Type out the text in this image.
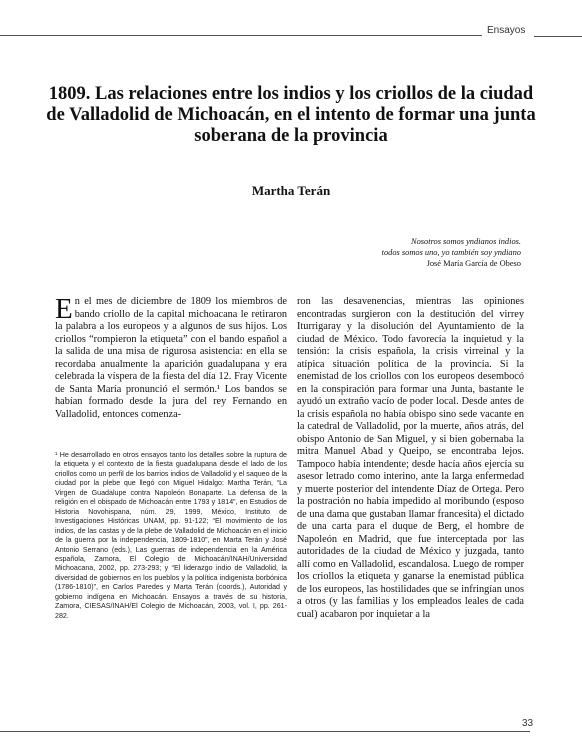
Ensayos
1809. Las relaciones entre los indios y los criollos de la ciudad de Valladolid de Michoacán, en el intento de formar una junta soberana de la provincia
Martha Terán
Nosotros somos yndianos indios.
todos somos uno, yo también soy yndiano
José María García de Obeso

En el mes de diciembre de 1809 los miembros de bando criollo de la capital michoacana le retiraron la palabra a los europeos y a algunos de sus hijos. Los criollos “rompieron la etiqueta” con el bando español a la salida de una misa de rigurosa asistencia: en ella se recordaba anualmente la aparición guadalupana y era celebrada la víspera de la fiesta del día 12. Fray Vicente de Santa María pronunció el sermón.¹ Los bandos se habían formado desde la jura del rey Fernando en Valladolid, entonces comenza-

¹ He desarrollado en otros ensayos tanto los detalles sobre la ruptura de la etiqueta y el contexto de la fiesta guadalupana desde el lado de los criollos como un perfil de los barrios indios de Valladolid y el saqueo de la ciudad por la plebe que llegó con Miguel Hidalgo: Martha Terán, “La Virgen de Guadalupe contra Napoleón Bonaparte. La defensa de la religión en el obispado de Michoacán entre 1793 y 1814”, en Estudios de Historia Novohispana, núm. 29, 1999, México, Instituto de Investigaciones Históricas UNAM, pp. 91-122; “El movimiento de los indios, de las castas y de la plebe de Valladolid de Michoacán en el inicio de la guerra por la independencia, 1809-1810”, en Marta Terán y José Antonio Serrano (eds.), Las guerras de independencia en la América española, Zamora, El Colegio de Michoacán/INAH/Universidad Michoacana, 2002, pp. 273-293; y “El liderazgo indio de Valladolid, la diversidad de gobiernos en los pueblos y la política indigenista borbónica (1786-1810)”, en Carlos Paredes y Marta Terán (coords.), Autoridad y gobierno indígena en Michoacán. Ensayos a través de su historia, Zamora, CIESAS/INAH/El Colegio de Michoacán, 2003, vol. I, pp. 261-282.

ron las desavenencias, mientras las opiniones encontradas surgieron con la destitución del virrey Iturrigaray y la disolución del Ayuntamiento de la ciudad de México. Todo favorecía la inquietud y la tensión: la crisis española, la crisis virreinal y la atípica situación política de la provincia. Si la enemistad de los criollos con los europeos desembocó en la conspiración para formar una Junta, bastante le ayudó un extraño vacío de poder local. Desde antes de la crisis española no había obispo sino sede vacante en la catedral de Valladolid, por la muerte, años atrás, del obispo Antonio de San Miguel, y si bien gobernaba la mitra Manuel Abad y Queipo, se encontraba lejos. Tampoco había intendente; desde hacía años ejercía su asesor letrado como interino, ante la larga enfermedad y muerte posterior del intendente Díaz de Ortega. Pero la postración no había impedido al moribundo (esposo de una dama que gustaban llamar francesita) el dictado de una carta para el duque de Berg, el hombre de Napoleón en Madrid, que fue interceptada por las autoridades de la ciudad de México y juzgada, tanto allí como en Valladolid, escandalosa. Luego de romper los criollos la etiqueta y ganarse la enemistad pública de los europeos, las hostilidades que se infringían unos a otros (y las familias y los empleados leales de cada cual) acabaron por inquietar a la

33
